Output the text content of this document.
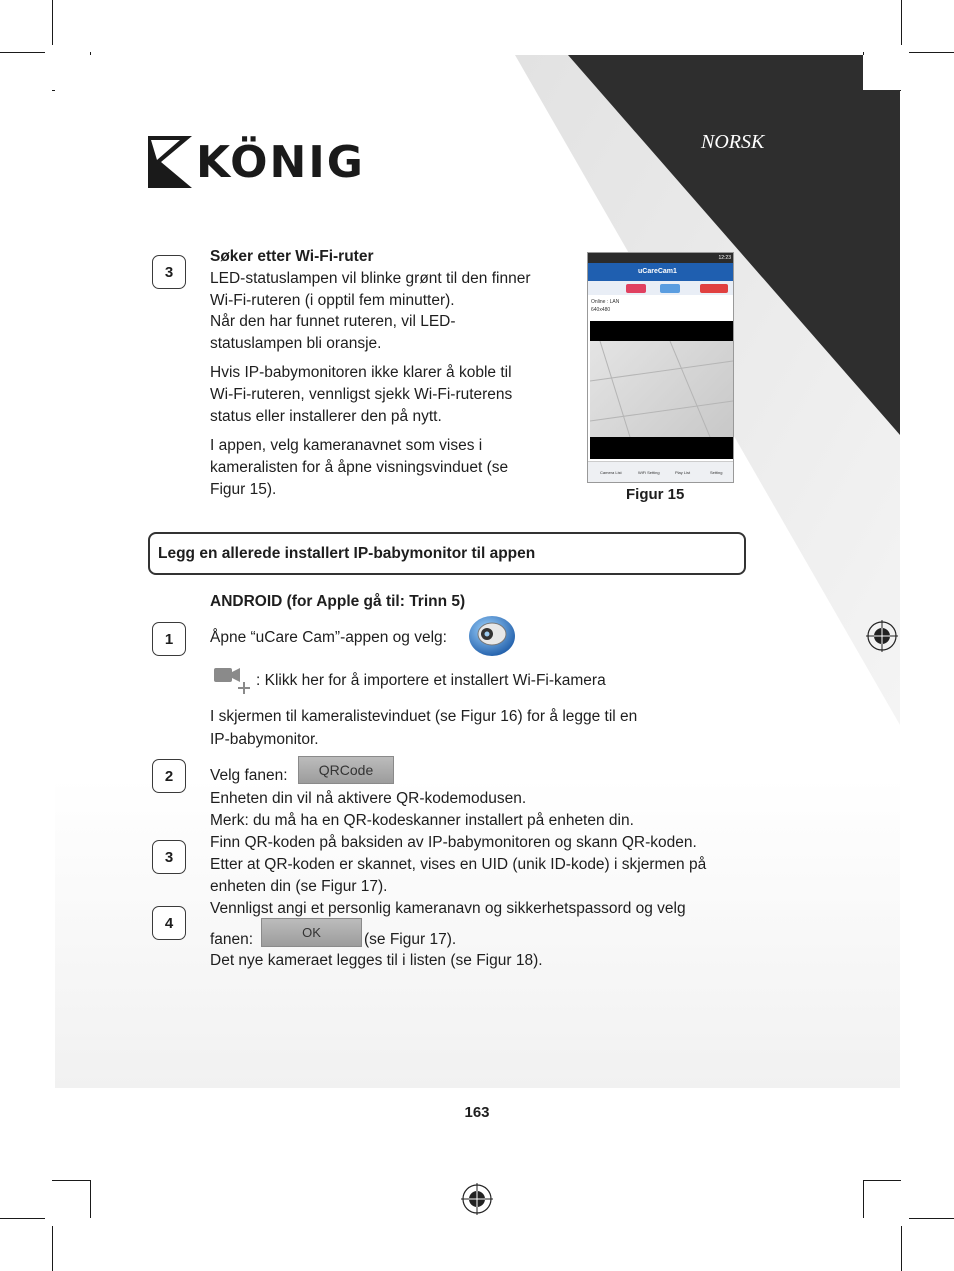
KÖNIG	NORSK
3
Søker etter Wi-Fi-ruter
LED-statuslampen vil blinke grønt til den finner
Wi-Fi-ruteren (i opptil fem minutter).
Når den har funnet ruteren, vil LED-
statuslampen bli oransje.
Hvis IP-babymonitoren ikke klarer å koble til
Wi-Fi-ruteren, vennligst sjekk Wi-Fi-ruterens
status eller installerer den på nytt.
I appen, velg kameranavnet som vises i
kameralisten for å åpne visningsvinduet (se
Figur 15).
12:23
uCareCam1
Online : LAN
640x480
Camera List	WiFi Setting	Play List	Setting
Figur 15
Legg en allerede installert IP-babymonitor til appen
ANDROID (for Apple gå til: Trinn 5)
1	Åpne “uCare Cam”-appen og velg:
: Klikk her for å importere et installert Wi-Fi-kamera
I skjermen til kameralistevinduet (se Figur 16) for å legge til en
IP-babymonitor.
2	Velg fanen:	QRCode
Enheten din vil nå aktivere QR-kodemodusen.
Merk: du må ha en QR-kodeskanner installert på enheten din.
3
Finn QR-koden på baksiden av IP-babymonitoren og skann QR-koden.
Etter at QR-koden er skannet, vises en UID (unik ID-kode) i skjermen på
enheten din (se Figur 17).
4
Vennligst angi et personlig kameranavn og sikkerhetspassord og velg
fanen:	OK	(se Figur 17).
Det nye kameraet legges til i listen (se Figur 18).
163
